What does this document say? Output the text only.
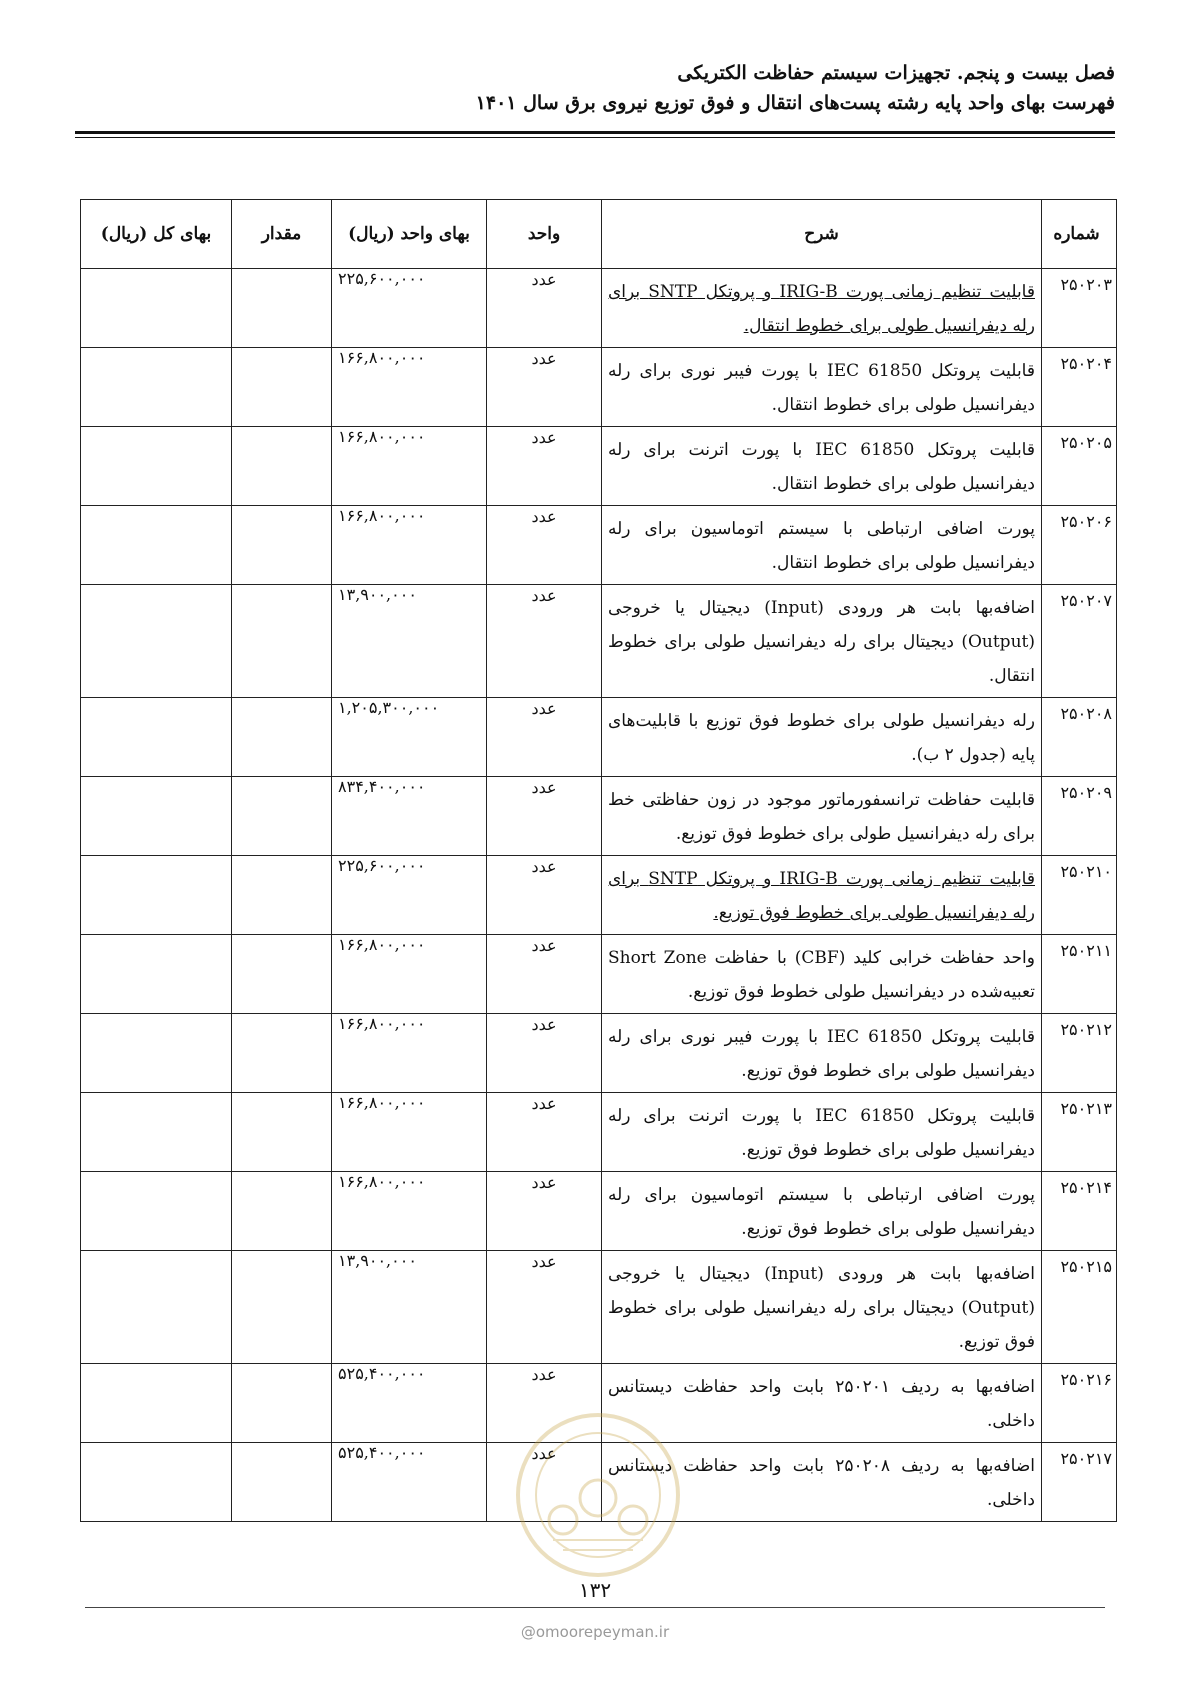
فصل بیست و پنجم. تجهیزات سیستم حفاظت الکتریکی
فهرست بهای واحد پایه رشته پست‌های انتقال و فوق توزیع نیروی برق سال ۱۴۰۱
شماره	شرح	واحد	بهای واحد (ریال)	مقدار	بهای کل (ریال)
۲۵۰۲۰۳	قابلیت تنظیم زمانی پورت IRIG-B و پروتکل SNTP برای رله دیفرانسیل طولی برای خطوط انتقال.	عدد	۲۲۵,۶۰۰,۰۰۰		
۲۵۰۲۰۴	قابلیت پروتکل IEC 61850 با پورت فیبر نوری برای رله دیفرانسیل طولی برای خطوط انتقال.	عدد	۱۶۶,۸۰۰,۰۰۰		
۲۵۰۲۰۵	قابلیت پروتکل IEC 61850 با پورت اترنت برای رله دیفرانسیل طولی برای خطوط انتقال.	عدد	۱۶۶,۸۰۰,۰۰۰		
۲۵۰۲۰۶	پورت اضافی ارتباطی با سیستم اتوماسیون برای رله دیفرانسیل طولی برای خطوط انتقال.	عدد	۱۶۶,۸۰۰,۰۰۰		
۲۵۰۲۰۷	اضافه‌بها بابت هر ورودی (Input) دیجیتال یا خروجی (Output) دیجیتال برای رله دیفرانسیل طولی برای خطوط انتقال.	عدد	۱۳,۹۰۰,۰۰۰		
۲۵۰۲۰۸	رله دیفرانسیل طولی برای خطوط فوق توزیع با قابلیت‌های پایه (جدول ۲ ب).	عدد	۱,۲۰۵,۳۰۰,۰۰۰		
۲۵۰۲۰۹	قابلیت حفاظت ترانسفورماتور موجود در زون حفاظتی خط برای رله دیفرانسیل طولی برای خطوط فوق توزیع.	عدد	۸۳۴,۴۰۰,۰۰۰		
۲۵۰۲۱۰	قابلیت تنظیم زمانی پورت IRIG-B و پروتکل SNTP برای رله دیفرانسیل طولی برای خطوط فوق توزیع.	عدد	۲۲۵,۶۰۰,۰۰۰		
۲۵۰۲۱۱	واحد حفاظت خرابی کلید (CBF) با حفاظت Short Zone تعبیه‌شده در دیفرانسیل طولی خطوط فوق توزیع.	عدد	۱۶۶,۸۰۰,۰۰۰		
۲۵۰۲۱۲	قابلیت پروتکل IEC 61850 با پورت فیبر نوری برای رله دیفرانسیل طولی برای خطوط فوق توزیع.	عدد	۱۶۶,۸۰۰,۰۰۰		
۲۵۰۲۱۳	قابلیت پروتکل IEC 61850 با پورت اترنت برای رله دیفرانسیل طولی برای خطوط فوق توزیع.	عدد	۱۶۶,۸۰۰,۰۰۰		
۲۵۰۲۱۴	پورت اضافی ارتباطی با سیستم اتوماسیون برای رله دیفرانسیل طولی برای خطوط فوق توزیع.	عدد	۱۶۶,۸۰۰,۰۰۰		
۲۵۰۲۱۵	اضافه‌بها بابت هر ورودی (Input) دیجیتال یا خروجی (Output) دیجیتال برای رله دیفرانسیل طولی برای خطوط فوق توزیع.	عدد	۱۳,۹۰۰,۰۰۰		
۲۵۰۲۱۶	اضافه‌بها به ردیف ۲۵۰۲۰۱ بابت واحد حفاظت دیستانس داخلی.	عدد	۵۲۵,۴۰۰,۰۰۰		
۲۵۰۲۱۷	اضافه‌بها به ردیف ۲۵۰۲۰۸ بابت واحد حفاظت دیستانس داخلی.	عدد	۵۲۵,۴۰۰,۰۰۰		
۱۳۲
@omoorepeyman.ir
